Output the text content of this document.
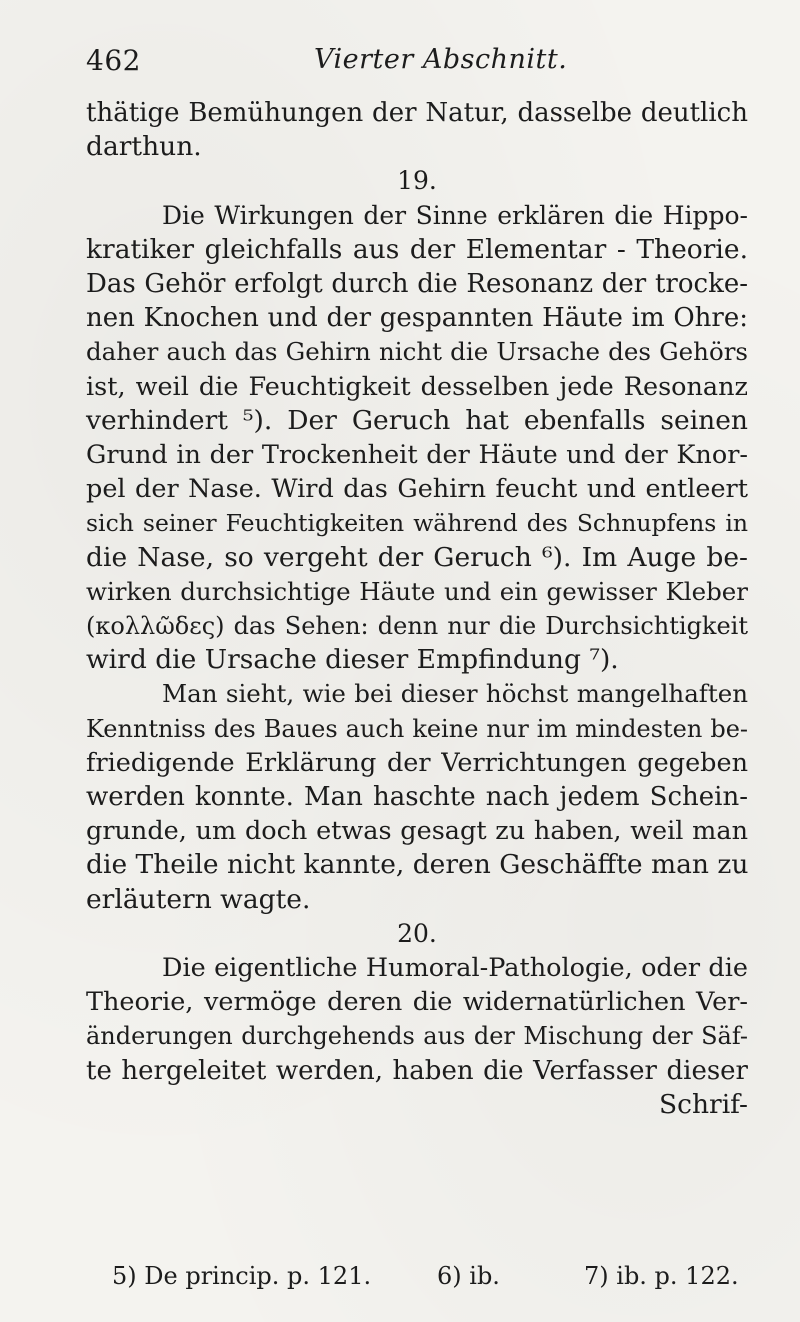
462	Vierter Abschnitt.
thätige Bemühungen der Natur, dasselbe deutlich
darthun.
19.
Die Wirkungen der Sinne erklären die Hippo-
kratiker gleichfalls aus der Elementar - Theorie.
Das Gehör erfolgt durch die Resonanz der trocke-
nen Knochen und der gespannten Häute im Ohre:
daher auch das Gehirn nicht die Ursache des Gehörs
ist, weil die Feuchtigkeit desselben jede Resonanz
verhindert ⁵). Der Geruch hat ebenfalls seinen
Grund in der Trockenheit der Häute und der Knor-
pel der Nase. Wird das Gehirn feucht und entleert
sich seiner Feuchtigkeiten während des Schnupfens in
die Nase, so vergeht der Geruch ⁶). Im Auge be-
wirken durchsichtige Häute und ein gewisser Kleber
(κολλῶδες) das Sehen: denn nur die Durchsichtigkeit
wird die Ursache dieser Empfindung ⁷).
Man sieht, wie bei dieser höchst mangelhaften
Kenntniss des Baues auch keine nur im mindesten be-
friedigende Erklärung der Verrichtungen gegeben
werden konnte. Man haschte nach jedem Schein-
grunde, um doch etwas gesagt zu haben, weil man
die Theile nicht kannte, deren Geschäffte man zu
erläutern wagte.
20.
Die eigentliche Humoral-Pathologie, oder die
Theorie, vermöge deren die widernatürlichen Ver-
änderungen durchgehends aus der Mischung der Säf-
te hergeleitet werden, haben die Verfasser dieser
Schrif-
5) De princip. p. 121.	6) ib.	7) ib. p. 122.
